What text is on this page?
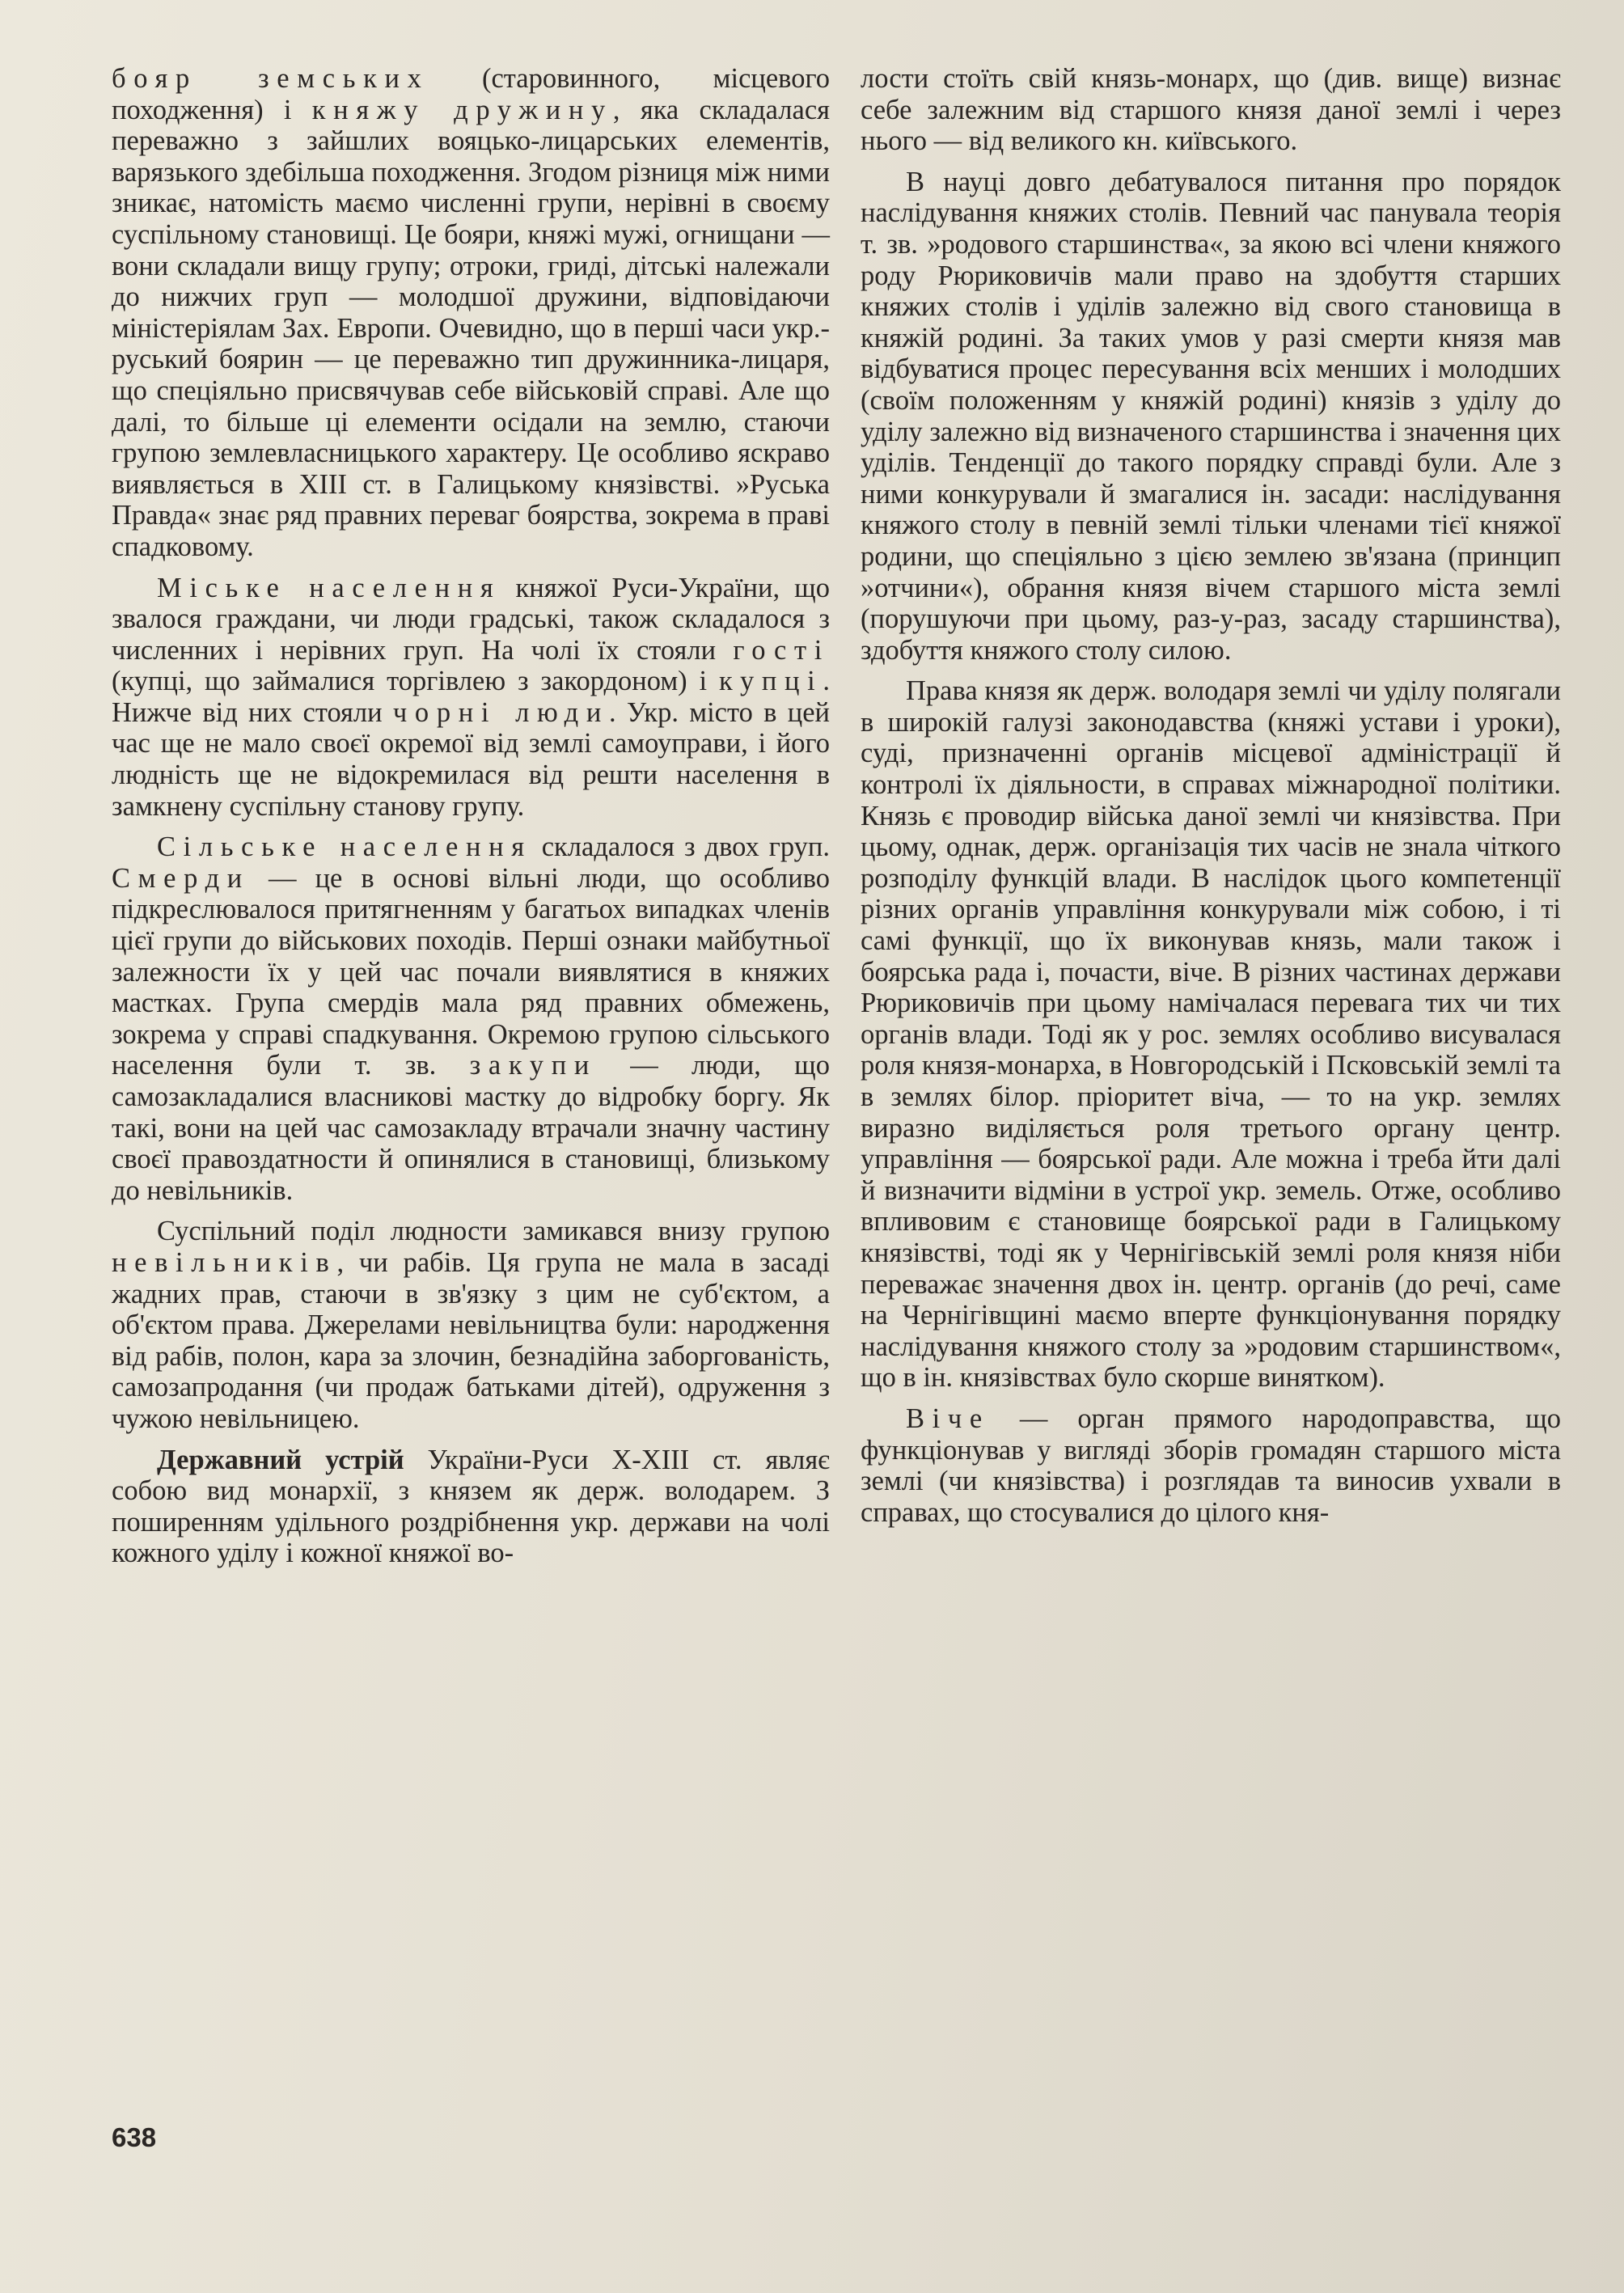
бояр земських (старовинного, місцевого походження) і княжу дружину, яка складалася переважно з зайшлих вояцько-лицарських елементів, варязького здебільша походження. Згодом різниця між ними зникає, натомість маємо численні групи, нерівні в своєму суспільному становищі. Це бояри, княжі мужі, огнищани — вони складали вищу групу; отроки, гриді, дітські належали до нижчих груп — молодшої дружини, відповідаючи міністеріялам Зах. Европи. Очевидно, що в перші часи укр.-руський боярин — це переважно тип дружинника-лицаря, що спеціяльно присвячував себе військовій справі. Але що далі, то більше ці елементи осідали на землю, стаючи групою землевласницького характеру. Це особливо яскраво виявляється в XIII ст. в Галицькому князівстві. »Руська Правда« знає ряд правних переваг боярства, зокрема в праві спадковому.

Міське населення княжої Руси-України, що звалося граждани, чи люди градські, також складалося з численних і нерівних груп. На чолі їх стояли гості (купці, що займалися торгівлею з закордоном) і купці. Нижче від них стояли чорні люди. Укр. місто в цей час ще не мало своєї окремої від землі самоуправи, і його людність ще не відокремилася від решти населення в замкнену суспільну станову групу.

Сільське населення складалося з двох груп. Смерди — це в основі вільні люди, що особливо підкреслювалося притягненням у багатьох випадках членів цієї групи до військових походів. Перші ознаки майбутньої залежности їх у цей час почали виявлятися в княжих мастках. Група смердів мала ряд правних обмежень, зокрема у справі спадкування. Окремою групою сільського населення були т. зв. закупи — люди, що самозакладалися власникові мастку до відробку боргу. Як такі, вони на цей час самозакладу втрачали значну частину своєї правоздатности й опинялися в становищі, близькому до невільників.

Суспільний поділ людности замикався внизу групою невільників, чи рабів. Ця група не мала в засаді жадних прав, стаючи в зв'язку з цим не суб'єктом, а об'єктом права. Джерелами невільництва були: народження від рабів, полон, кара за злочин, безнадійна заборгованість, самозапродання (чи продаж батьками дітей), одруження з чужою невільницею.

Державний устрій України-Руси X-XIII ст. являє собою вид монархії, з князем як держ. володарем. З поширенням удільного роздрібнення укр. держави на чолі кожного уділу і кожної княжої во-

лости стоїть свій князь-монарх, що (див. вище) визнає себе залежним від старшого князя даної землі і через нього — від великого кн. київського.

В науці довго дебатувалося питання про порядок наслідування княжих столів. Певний час панувала теорія т. зв. »родового старшинства«, за якою всі члени княжого роду Рюриковичів мали право на здобуття старших княжих столів і уділів залежно від свого становища в княжій родині. За таких умов у разі смерти князя мав відбуватися процес пересування всіх менших і молодших (своїм положенням у княжій родині) князів з уділу до уділу залежно від визначеного старшинства і значення цих уділів. Тенденції до такого порядку справді були. Але з ними конкурували й змагалися ін. засади: наслідування княжого столу в певній землі тільки членами тієї княжої родини, що спеціяльно з цією землею зв'язана (принцип »отчини«), обрання князя вічем старшого міста землі (порушуючи при цьому, раз-у-раз, засаду старшинства), здобуття княжого столу силою.

Права князя як держ. володаря землі чи уділу полягали в широкій галузі законодавства (княжі устави і уроки), суді, призначенні органів місцевої адміністрації й контролі їх діяльности, в справах міжнародної політики. Князь є проводир війська даної землі чи князівства. При цьому, однак, держ. організація тих часів не знала чіткого розподілу функцій влади. В наслідок цього компетенції різних органів управління конкурували між собою, і ті самі функції, що їх виконував князь, мали також і боярська рада і, почасти, віче. В різних частинах держави Рюриковичів при цьому намічалася перевага тих чи тих органів влади. Тоді як у рос. землях особливо висувалася роля князя-монарха, в Новгородській і Псковській землі та в землях білор. пріоритет віча, — то на укр. землях виразно виділяється роля третього органу центр. управління — боярської ради. Але можна і треба йти далі й визначити відміни в устрої укр. земель. Отже, особливо впливовим є становище боярської ради в Галицькому князівстві, тоді як у Чернігівській землі роля князя ніби переважає значення двох ін. центр. органів (до речі, саме на Чернігівщині маємо вперте функціонування порядку наслідування княжого столу за »родовим старшинством«, що в ін. князівствах було скорше винятком).

Віче — орган прямого народоправства, що функціонував у вигляді зборів громадян старшого міста землі (чи князівства) і розглядав та виносив ухвали в справах, що стосувалися до цілого кня-

638
